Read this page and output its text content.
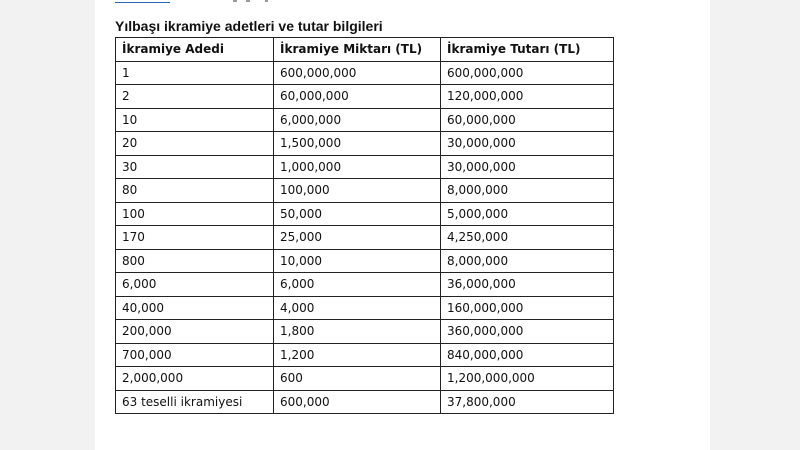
Yılbaşı ikramiye adetleri ve tutar bilgileri
İkramiye Adedi	İkramiye Miktarı (TL)	İkramiye Tutarı (TL)
1	600,000,000	600,000,000
2	60,000,000	120,000,000
10	6,000,000	60,000,000
20	1,500,000	30,000,000
30	1,000,000	30,000,000
80	100,000	8,000,000
100	50,000	5,000,000
170	25,000	4,250,000
800	10,000	8,000,000
6,000	6,000	36,000,000
40,000	4,000	160,000,000
200,000	1,800	360,000,000
700,000	1,200	840,000,000
2,000,000	600	1,200,000,000
63 teselli ikramiyesi	600,000	37,800,000
